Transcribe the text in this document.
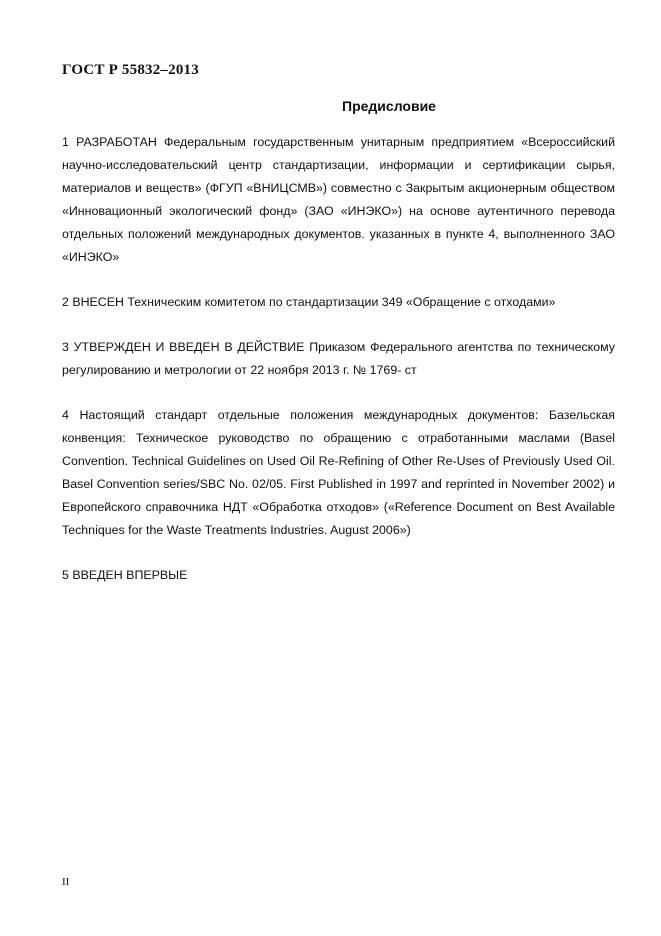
ГОСТ Р 55832–2013

Предисловие

1 РАЗРАБОТАН Федеральным государственным унитарным предприятием «Всероссийский научно-исследовательский центр стандартизации, информации и сертификации сырья, материалов и веществ» (ФГУП «ВНИЦСМВ») совместно с Закрытым акционерным обществом «Инновационный экологический фонд» (ЗАО «ИНЭКО») на основе аутентичного перевода отдельных положений международных документов. указанных в пункте 4, выполненного ЗАО «ИНЭКО»

2 ВНЕСЕН Техническим комитетом по стандартизации 349 «Обращение с отходами»

3 УТВЕРЖДЕН И ВВЕДЕН В ДЕЙСТВИЕ Приказом Федерального агентства по техническому регулированию и метрологии от 22 ноября 2013 г. № 1769- ст

4 Настоящий стандарт отдельные положения международных документов: Базельская конвенция: Техническое руководство по обращению с отработанными маслами (Basel Convention. Technical Guidelines on Used Oil Re-Refining of Other Re-Uses of Previously Used Oil. Basel Convention series/SBC No. 02/05. First Published in 1997 and reprinted in November 2002) и Европейского справочника НДТ «Обработка отходов» («Reference Document on Best Available Techniques for the Waste Treatments Industries. August 2006»)

5 ВВЕДЕН ВПЕРВЫЕ

II
